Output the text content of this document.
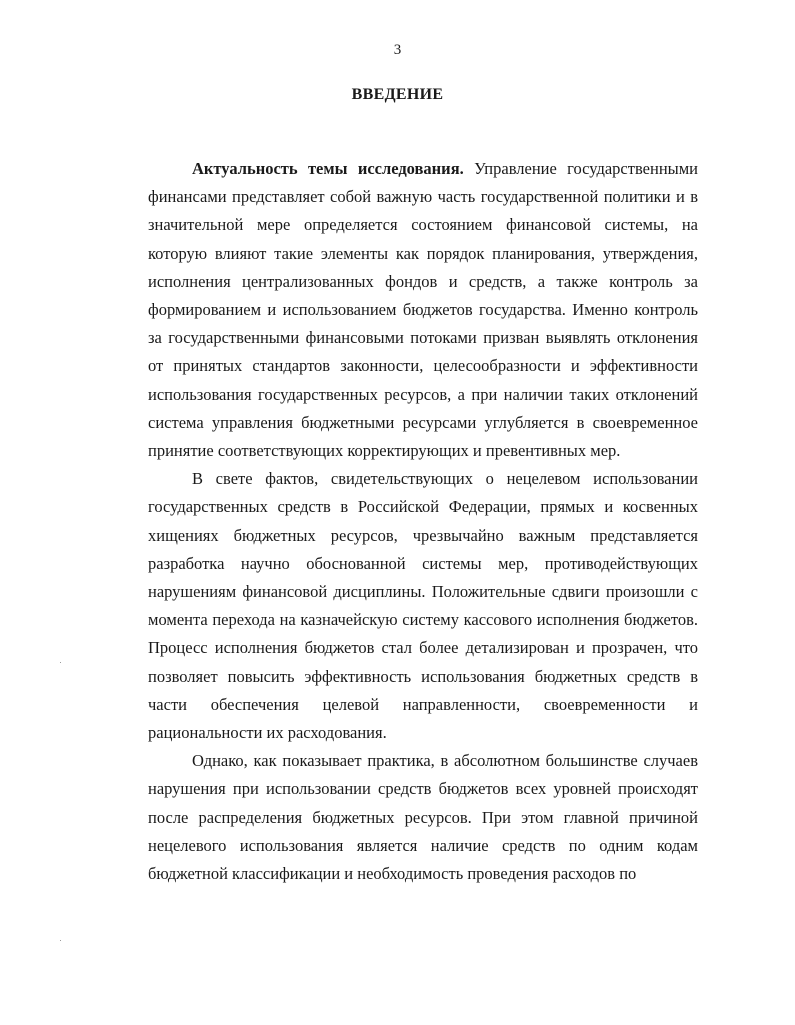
3
ВВЕДЕНИЕ

Актуальность темы исследования. Управление государственными финансами представляет собой важную часть государственной политики и в значительной мере определяется состоянием финансовой системы, на которую влияют такие элементы как порядок планирования, утверждения, исполнения централизованных фондов и средств, а также контроль за формированием и использованием бюджетов государства. Именно контроль за государственными финансовыми потоками призван выявлять отклонения от принятых стандартов законности, целесообразности и эффективности использования государственных ресурсов, а при наличии таких отклонений система управления бюджетными ресурсами углубляется в своевременное принятие соответствующих корректирующих и превентивных мер.

В свете фактов, свидетельствующих о нецелевом использовании государственных средств в Российской Федерации, прямых и косвенных хищениях бюджетных ресурсов, чрезвычайно важным представляется разработка научно обоснованной системы мер, противодействующих нарушениям финансовой дисциплины. Положительные сдвиги произошли с момента перехода на казначейскую систему кассового исполнения бюджетов. Процесс исполнения бюджетов стал более детализирован и прозрачен, что позволяет повысить эффективность использования бюджетных средств в части обеспечения целевой направленности, своевременности и рациональности их расходования.

Однако, как показывает практика, в абсолютном большинстве случаев нарушения при использовании средств бюджетов всех уровней происходят после распределения бюджетных ресурсов. При этом главной причиной нецелевого использования является наличие средств по одним кодам бюджетной классификации и необходимость проведения расходов по
